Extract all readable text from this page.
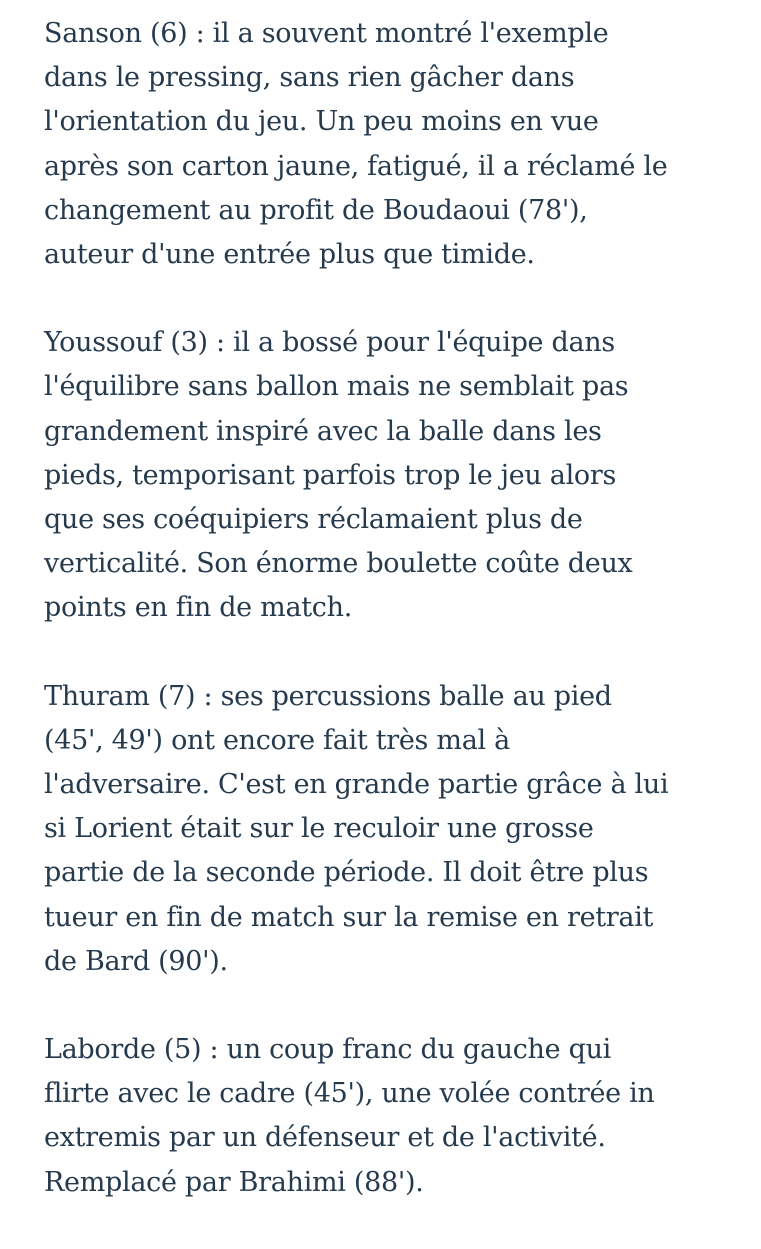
Sanson (6) : il a souvent montré l'exemple
dans le pressing, sans rien gâcher dans
l'orientation du jeu. Un peu moins en vue
après son carton jaune, fatigué, il a réclamé le
changement au profit de Boudaoui (78'),
auteur d'une entrée plus que timide.

Youssouf (3) : il a bossé pour l'équipe dans
l'équilibre sans ballon mais ne semblait pas
grandement inspiré avec la balle dans les
pieds, temporisant parfois trop le jeu alors
que ses coéquipiers réclamaient plus de
verticalité. Son énorme boulette coûte deux
points en fin de match.

Thuram (7) : ses percussions balle au pied
(45', 49') ont encore fait très mal à
l'adversaire. C'est en grande partie grâce à lui
si Lorient était sur le reculoir une grosse
partie de la seconde période. Il doit être plus
tueur en fin de match sur la remise en retrait
de Bard (90').

Laborde (5) : un coup franc du gauche qui
flirte avec le cadre (45'), une volée contrée in
extremis par un défenseur et de l'activité.
Remplacé par Brahimi (88').
